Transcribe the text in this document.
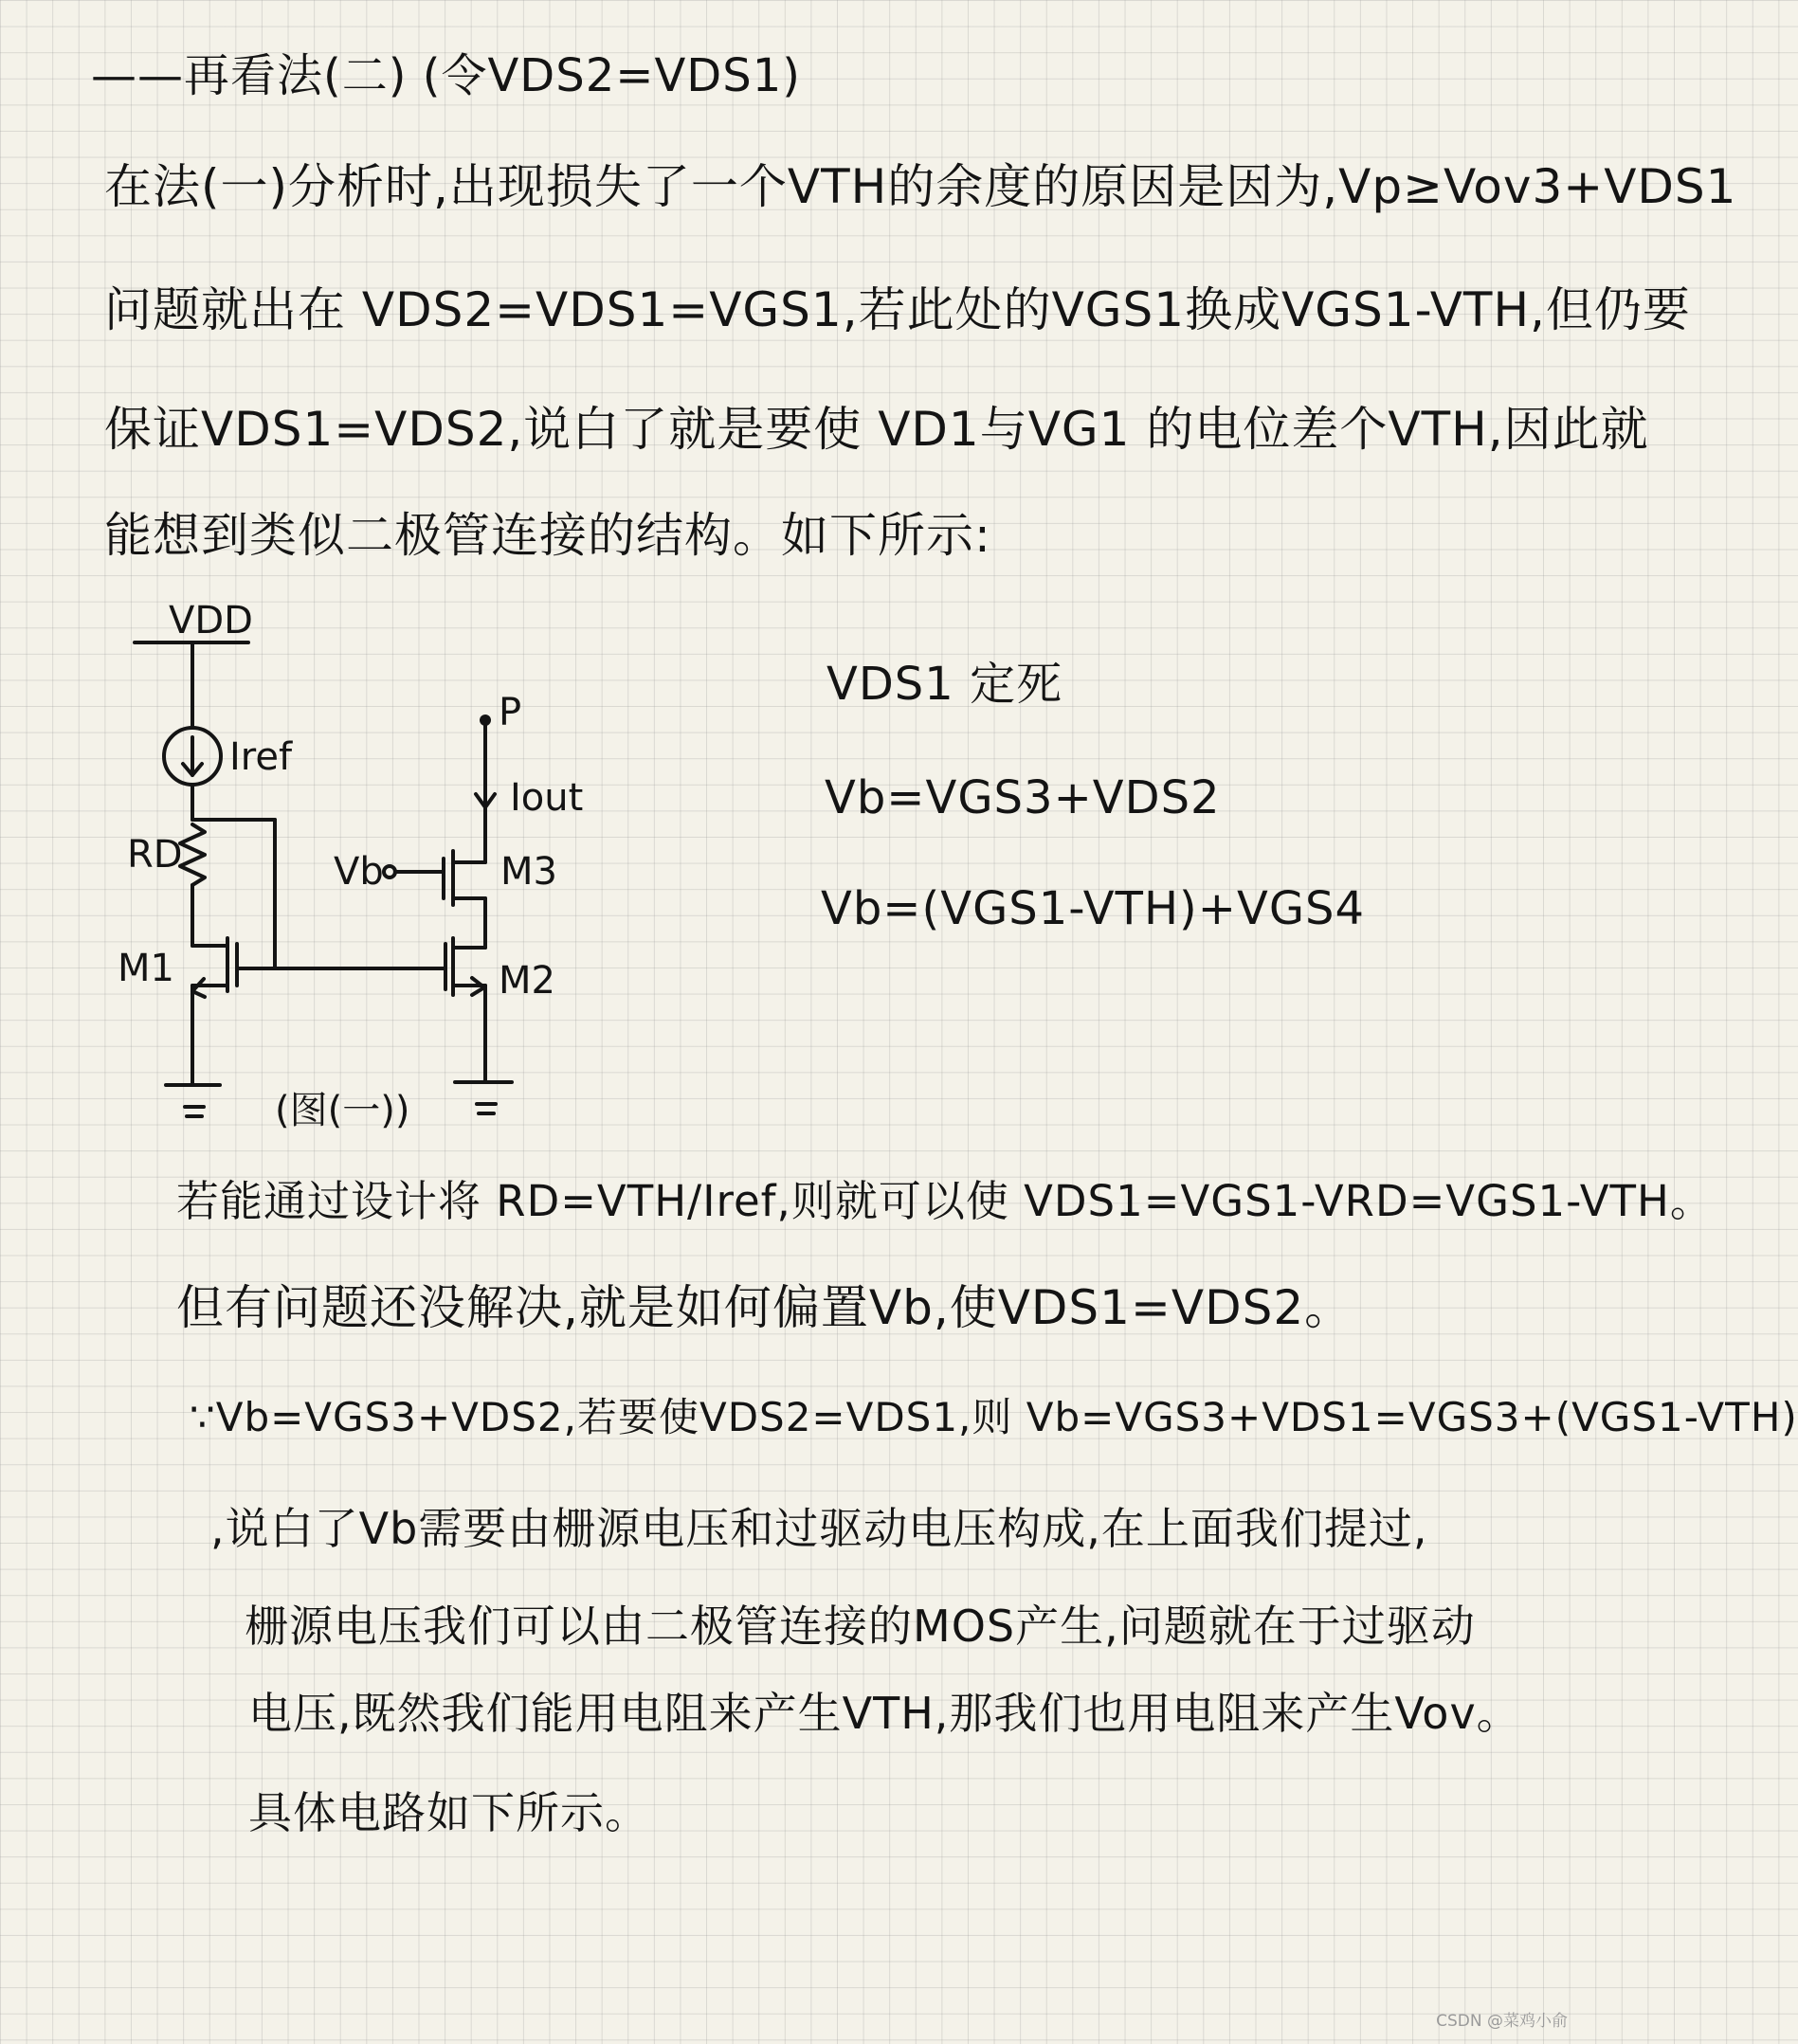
——再看法(二) (令VDS2=VDS1)
在法(一)分析时,出现损失了一个VTH的余度的原因是因为,Vp≥Vov3+VDS1
问题就出在 VDS2=VDS1=VGS1,若此处的VGS1换成VGS1-VTH,但仍要
保证VDS1=VDS2,说白了就是要使 VD1与VG1 的电位差个VTH,因此就
能想到类似二极管连接的结构。如下所示:
VDD
Iref
RD
M1
P
Iout
Vb	M3
M2
(图(一))
VDS1 定死
Vb=VGS3+VDS2
Vb=(VGS1-VTH)+VGS4
若能通过设计将 RD=VTH/Iref,则就可以使 VDS1=VGS1-VRD=VGS1-VTH。
但有问题还没解决,就是如何偏置Vb,使VDS1=VDS2。
∵Vb=VGS3+VDS2,若要使VDS2=VDS1,则 Vb=VGS3+VDS1=VGS3+(VGS1-VTH)
,说白了Vb需要由栅源电压和过驱动电压构成,在上面我们提过,
栅源电压我们可以由二极管连接的MOS产生,问题就在于过驱动
电压,既然我们能用电阻来产生VTH,那我们也用电阻来产生Vov。
具体电路如下所示。
CSDN @菜鸡小俞
